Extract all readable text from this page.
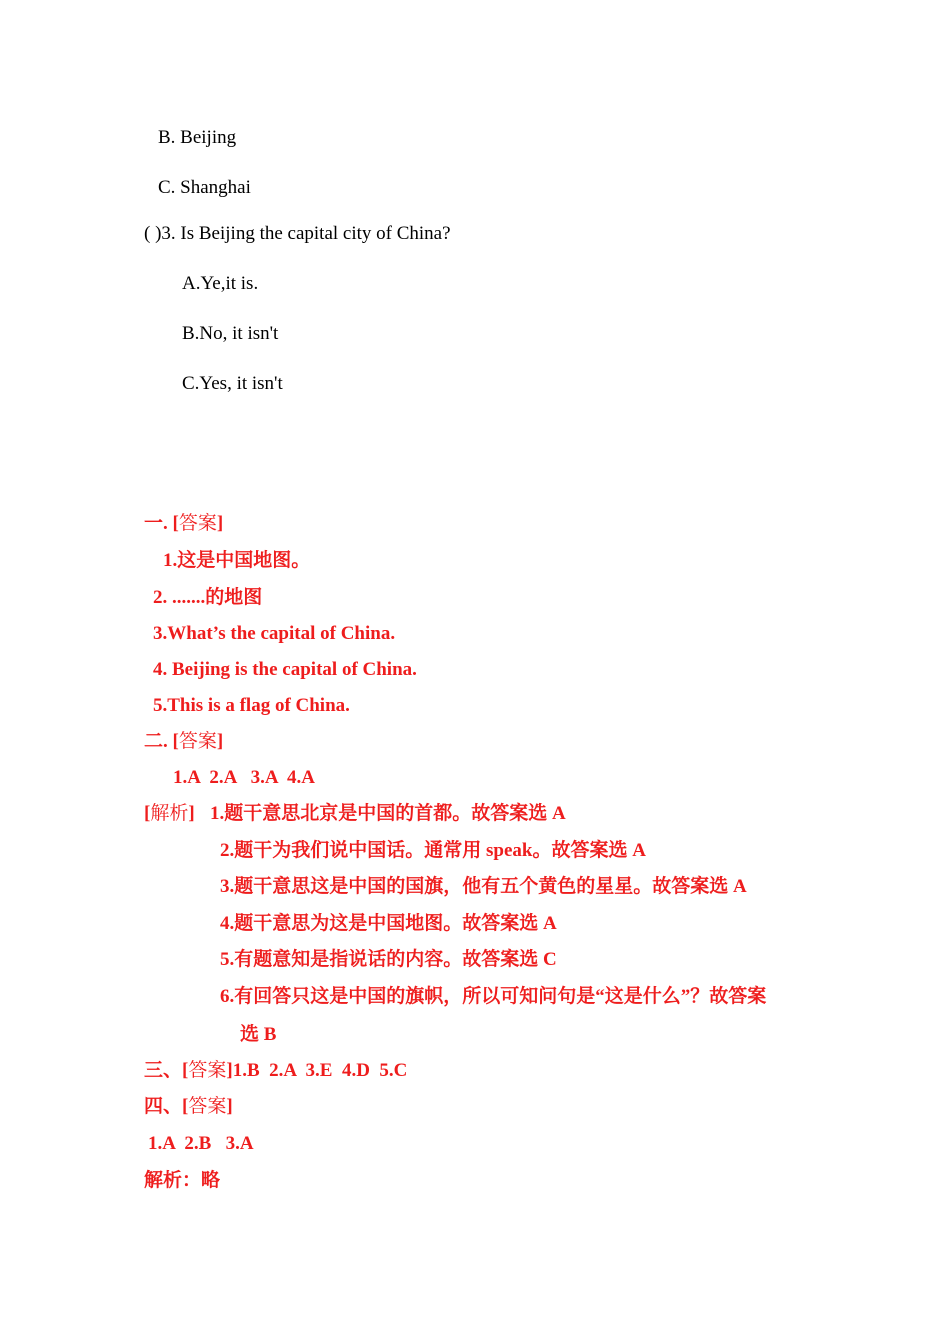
B. Beijing
C. Shanghai
( )3. Is Beijing the capital city of China?
A.Ye,it is.
B.No, it isn't
C.Yes, it isn't
一. [答案]
1.这是中国地图。
2. .......的地图
3.What’s the capital of China.
4. Beijing is the capital of China.
5.This is a flag of China.
二. [答案]
1.A  2.A   3.A  4.A
[解析] 1.题干意思北京是中国的首都。故答案选 A
2.题干为我们说中国话。通常用 speak。故答案选 A
3.题干意思这是中国的国旗，他有五个黄色的星星。故答案选 A
4.题干意思为这是中国地图。故答案选 A
5.有题意知是指说话的内容。故答案选 C
6.有回答只这是中国的旗帜，所以可知问句是“这是什么”？故答案
选 B
三、[答案]1.B  2.A  3.E  4.D  5.C
四、[答案]
1.A  2.B   3.A
解析：略
